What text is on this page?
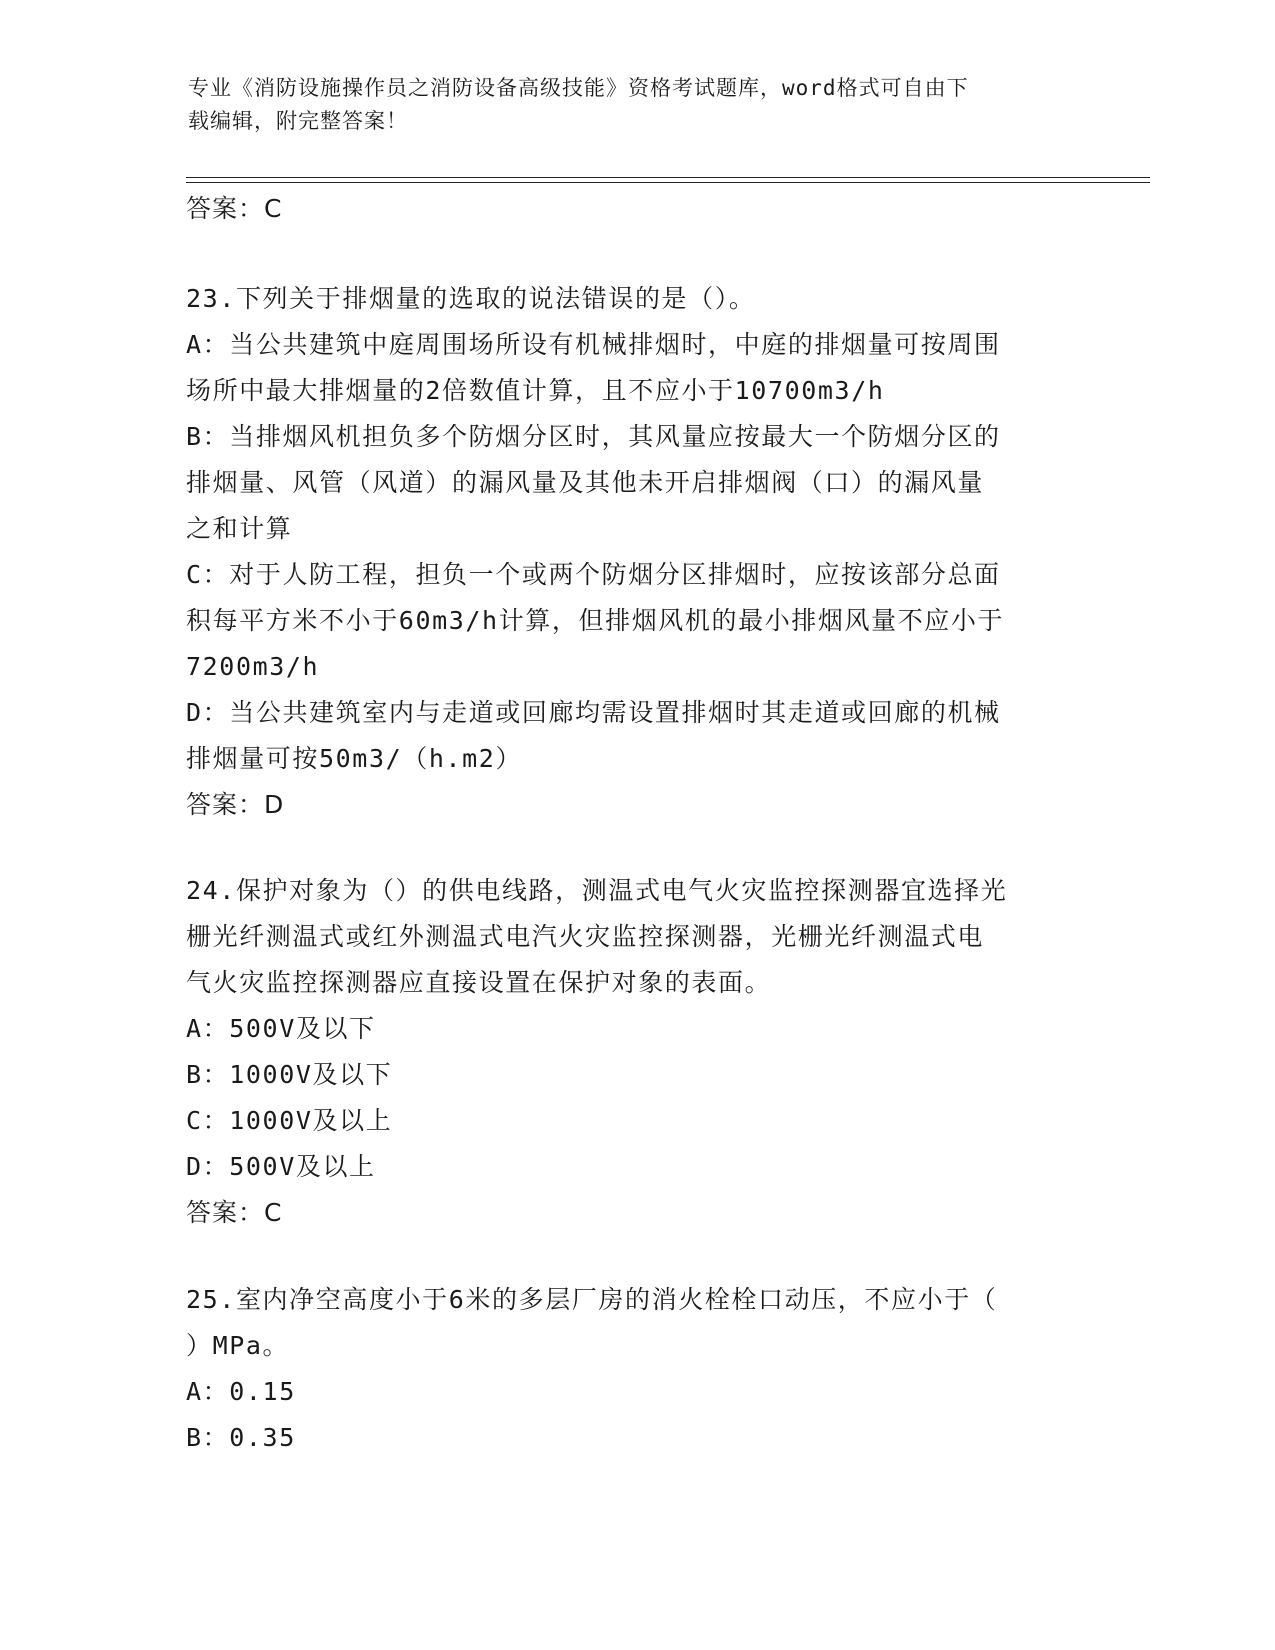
专业《消防设施操作员之消防设备高级技能》资格考试题库，word格式可自由下
载编辑，附完整答案！
答案：C
23.下列关于排烟量的选取的说法错误的是（）。
A：当公共建筑中庭周围场所设有机械排烟时，中庭的排烟量可按周围
场所中最大排烟量的2倍数值计算，且不应小于10700m3/h
B：当排烟风机担负多个防烟分区时，其风量应按最大一个防烟分区的
排烟量、风管（风道）的漏风量及其他未开启排烟阀（口）的漏风量
之和计算
C：对于人防工程，担负一个或两个防烟分区排烟时，应按该部分总面
积每平方米不小于60m3/h计算，但排烟风机的最小排烟风量不应小于
7200m3/h
D：当公共建筑室内与走道或回廊均需设置排烟时其走道或回廊的机械
排烟量可按50m3/（h.m2）
答案：D
24.保护对象为（）的供电线路，测温式电气火灾监控探测器宜选择光
栅光纤测温式或红外测温式电汽火灾监控探测器，光栅光纤测温式电
气火灾监控探测器应直接设置在保护对象的表面。
A：500V及以下
B：1000V及以下
C：1000V及以上
D：500V及以上
答案：C
25.室内净空高度小于6米的多层厂房的消火栓栓口动压，不应小于（
）MPa。
A：0.15
B：0.35
